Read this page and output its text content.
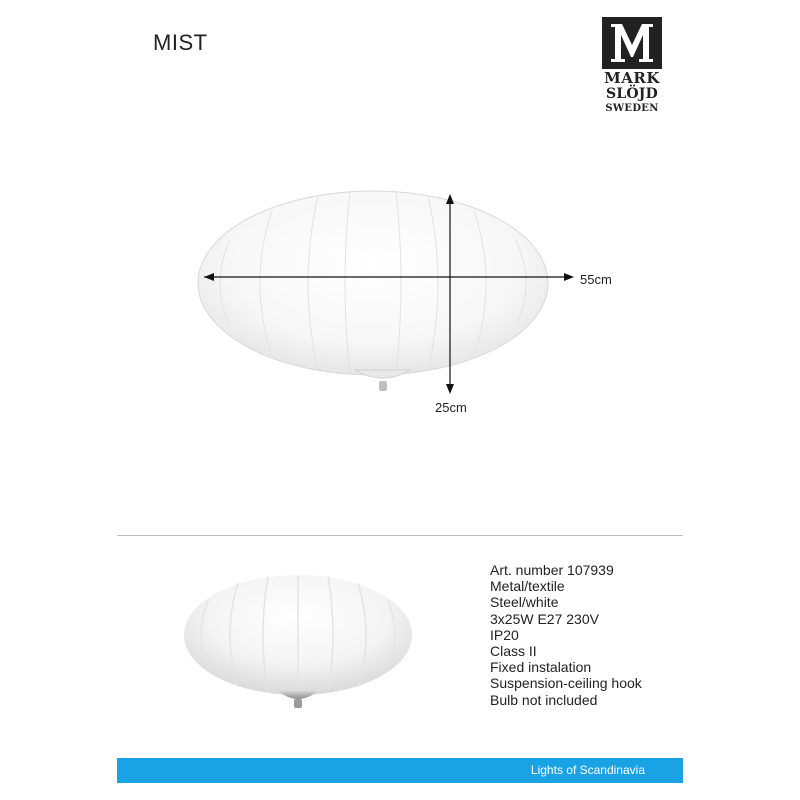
MIST
MARK
SLÖJD
SWEDEN
55cm
25cm
Art. number 107939
Metal/textile
Steel/white
3x25W E27 230V
IP20
Class II
Fixed instalation
Suspension-ceiling hook
Bulb not included
Lights of Scandinavia
